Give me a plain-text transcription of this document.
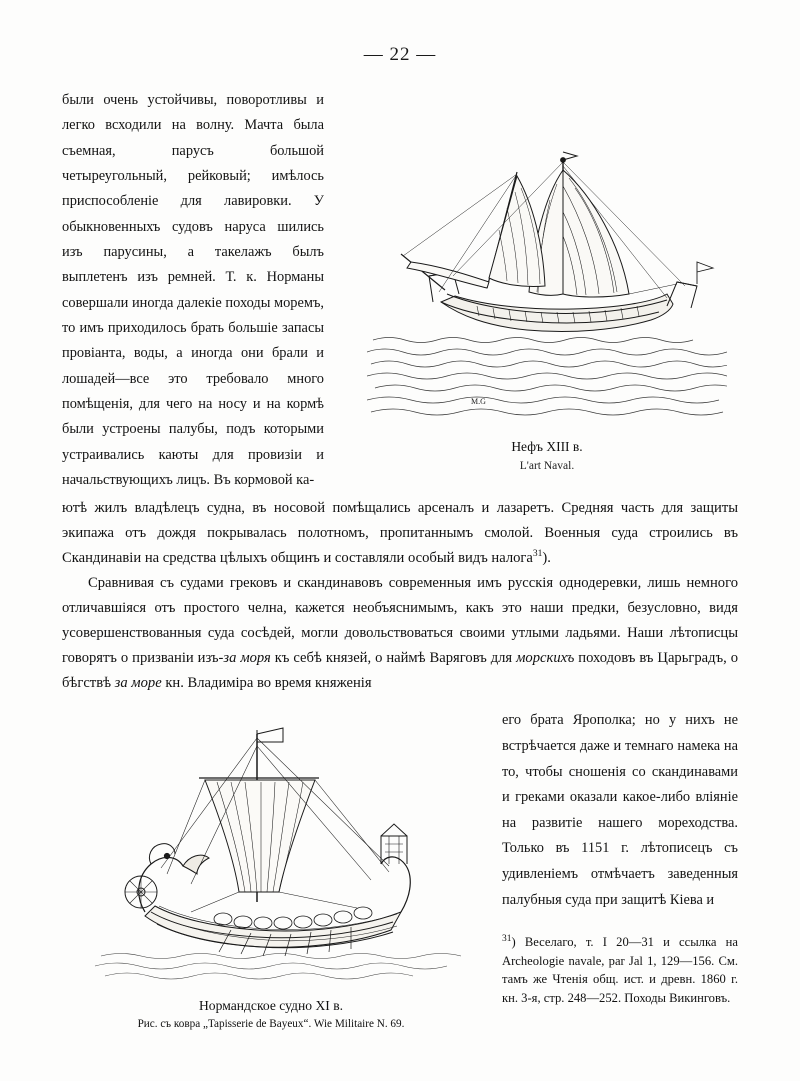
— 22 —
M.G
Нефъ XIII в.
L'art Naval.

были очень устойчивы, поворотливы и легко всходили на волну. Мачта была съемная, парусъ большой четыреугольный, рейковый; имѣлось приспособленіе для лавировки. У обыкновенныхъ судовъ наруса шились изъ парусины, а такелажъ былъ выплетенъ изъ ремней. Т. к. Норманы совершали иногда далекіе походы моремъ, то имъ приходилось брать большіе запасы провіанта, воды, а иногда они брали и лошадей—все это требовало много помѣщенія, для чего на носу и на кормѣ были устроены палубы, подъ которыми устраивались каюты для провизіи и начальствующихъ лицъ. Въ кормовой ка-

ютѣ жилъ владѣлецъ судна, въ носовой помѣщались арсеналъ и лазаретъ. Средняя часть для защиты экипажа отъ дождя покрывалась полотномъ, пропитаннымъ смолой. Военныя суда строились въ Скандинавіи на средства цѣлыхъ общинъ и составляли особый видъ налога$^{31}$).

Сравнивая съ судами грековъ и скандинавовъ современныя имъ русскія однодеревки, лишь немного отличавшіяся отъ простого челна, кажется необъяснимымъ, какъ это наши предки, безусловно, видя усовершенствованныя суда сосѣдей, могли довольствоваться своими утлыми ладьями. Наши лѣтописцы говорятъ о призваніи изъ-за моря къ себѣ князей, о наймѣ Варяговъ для морскихъ походовъ въ Царьградъ, о бѣгствѣ за море кн. Владиміра во время княженія

его брата Ярополка; но у нихъ не встрѣчается даже и темнаго намека на то, чтобы сношенія со скандинавами и греками оказали какое-либо вліяніе на развитіе нашего мореходства. Только въ 1151 г. лѣтописецъ съ удивленіемъ отмѣчаетъ заведенныя палубныя суда при защитѣ Кіева и

$^{31}$) Веселаго, т. I 20—31 и ссылка на Archeologie navale, par Jal 1, 129—156. См. тамъ же Чтенія общ. ист. и древн. 1860 г. кн. 3-я, стр. 248—252. Походы Викинговъ.
Нормандское судно XI в.
Рис. съ ковра „Tapisserie de Bayeux“. Wie Militaire N. 69.
